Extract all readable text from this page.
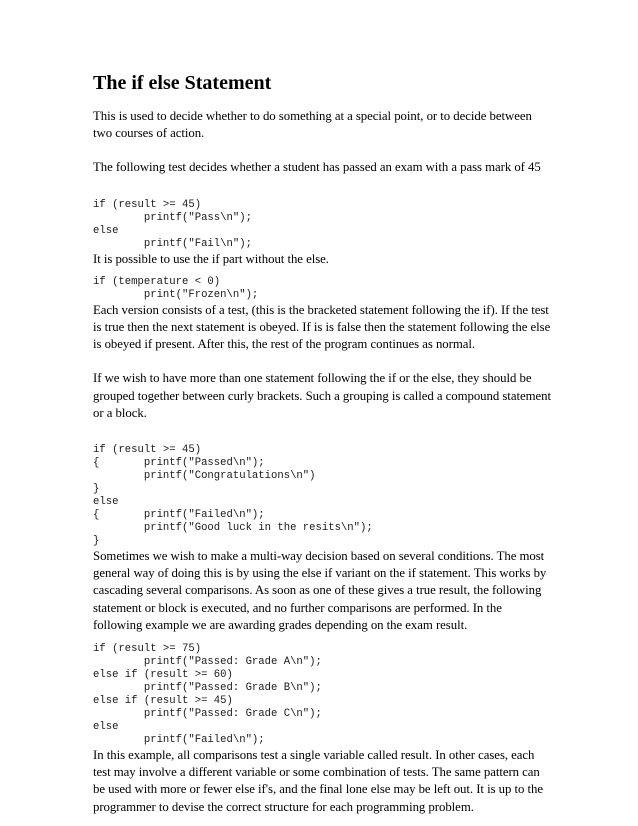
The if else Statement

This is used to decide whether to do something at a special point, or to decide between two courses of action.

The following test decides whether a student has passed an exam with a pass mark of 45

if (result >= 45)
printf("Pass\n");
else
printf("Fail\n");

It is possible to use the if part without the else.

if (temperature < 0)
print("Frozen\n");

Each version consists of a test, (this is the bracketed statement following the if). If the test is true then the next statement is obeyed. If is is false then the statement following the else is obeyed if present. After this, the rest of the program continues as normal.

If we wish to have more than one statement following the if or the else, they should be grouped together between curly brackets. Such a grouping is called a compound statement or a block.

if (result >= 45)
{       printf("Passed\n");
printf("Congratulations\n")
}
else
{       printf("Failed\n");
printf("Good luck in the resits\n");
}

Sometimes we wish to make a multi-way decision based on several conditions. The most general way of doing this is by using the else if variant on the if statement. This works by cascading several comparisons. As soon as one of these gives a true result, the following statement or block is executed, and no further comparisons are performed. In the following example we are awarding grades depending on the exam result.

if (result >= 75)
printf("Passed: Grade A\n");
else if (result >= 60)
printf("Passed: Grade B\n");
else if (result >= 45)
printf("Passed: Grade C\n");
else
printf("Failed\n");

In this example, all comparisons test a single variable called result. In other cases, each test may involve a different variable or some combination of tests. The same pattern can be used with more or fewer else if's, and the final lone else may be left out. It is up to the programmer to devise the correct structure for each programming problem.
